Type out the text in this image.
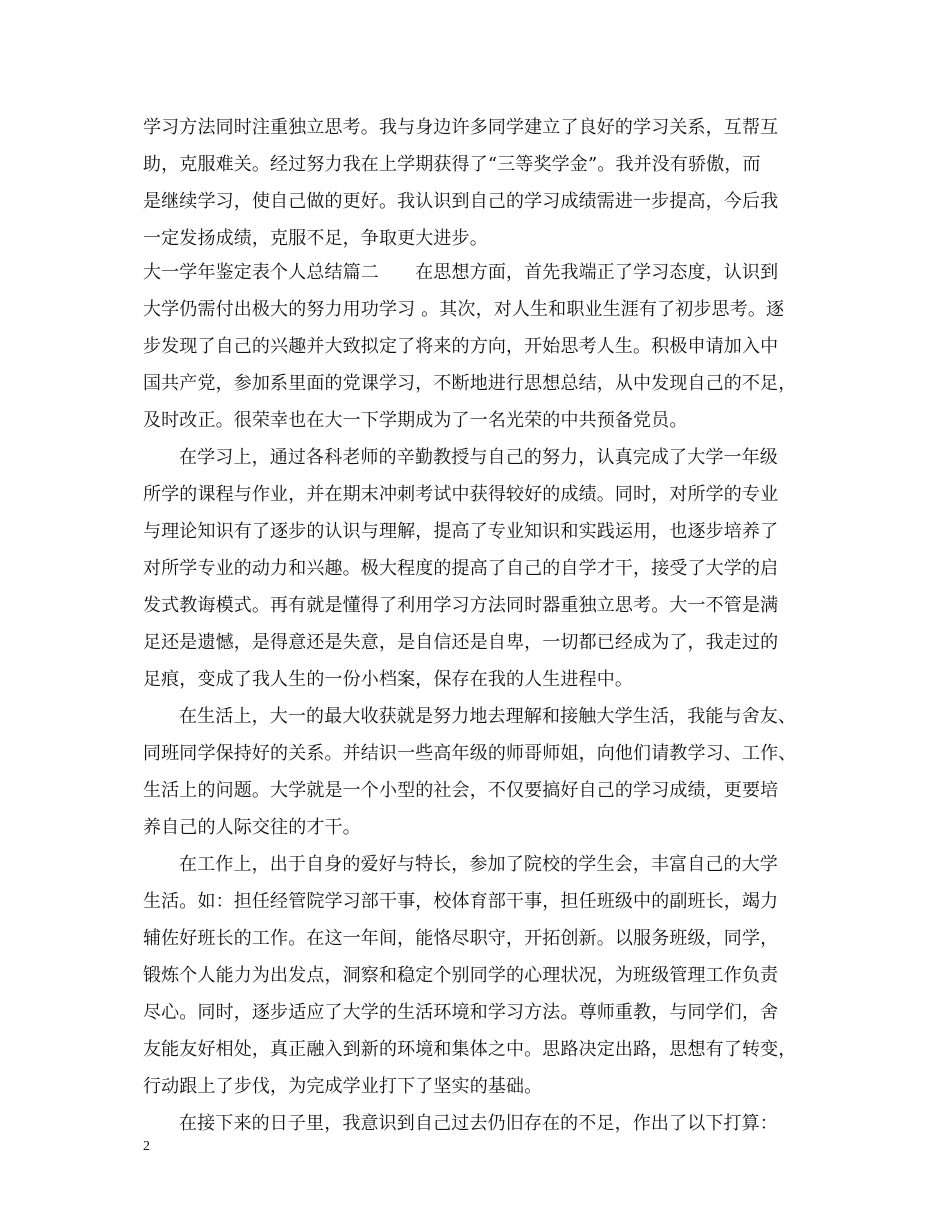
学习方法同时注重独立思考。我与身边许多同学建立了良好的学习关系，互帮互
助，克服难关。经过努力我在上学期获得了“三等奖学金”。我并没有骄傲，而
是继续学习，使自己做的更好。我认识到自己的学习成绩需进一步提高，今后我
一定发扬成绩，克服不足，争取更大进步。
大一学年鉴定表个人总结篇二　　在思想方面，首先我端正了学习态度，认识到
大学仍需付出极大的努力用功学习 。其次，对人生和职业生涯有了初步思考。逐
步发现了自己的兴趣并大致拟定了将来的方向，开始思考人生。积极申请加入中
国共产党，参加系里面的党课学习，不断地进行思想总结，从中发现自己的不足，
及时改正。很荣幸也在大一下学期成为了一名光荣的中共预备党员。
在学习上，通过各科老师的辛勤教授与自己的努力，认真完成了大学一年级
所学的课程与作业，并在期末冲刺考试中获得较好的成绩。同时，对所学的专业
与理论知识有了逐步的认识与理解，提高了专业知识和实践运用，也逐步培养了
对所学专业的动力和兴趣。极大程度的提高了自己的自学才干，接受了大学的启
发式教诲模式。再有就是懂得了利用学习方法同时器重独立思考。大一不管是满
足还是遗憾，是得意还是失意，是自信还是自卑，一切都已经成为了，我走过的
足痕，变成了我人生的一份小档案，保存在我的人生进程中。
在生活上，大一的最大收获就是努力地去理解和接触大学生活，我能与舍友、
同班同学保持好的关系。并结识一些高年级的师哥师姐，向他们请教学习、工作、
生活上的问题。大学就是一个小型的社会，不仅要搞好自己的学习成绩，更要培
养自己的人际交往的才干。
在工作上，出于自身的爱好与特长，参加了院校的学生会，丰富自己的大学
生活。如：担任经管院学习部干事，校体育部干事，担任班级中的副班长，竭力
辅佐好班长的工作。在这一年间，能恪尽职守，开拓创新。以服务班级，同学，
锻炼个人能力为出发点，洞察和稳定个别同学的心理状况，为班级管理工作负责
尽心。同时，逐步适应了大学的生活环境和学习方法。尊师重教，与同学们，舍
友能友好相处，真正融入到新的环境和集体之中。思路决定出路，思想有了转变，
行动跟上了步伐，为完成学业打下了坚实的基础。
在接下来的日子里，我意识到自己过去仍旧存在的不足，作出了以下打算：
2
